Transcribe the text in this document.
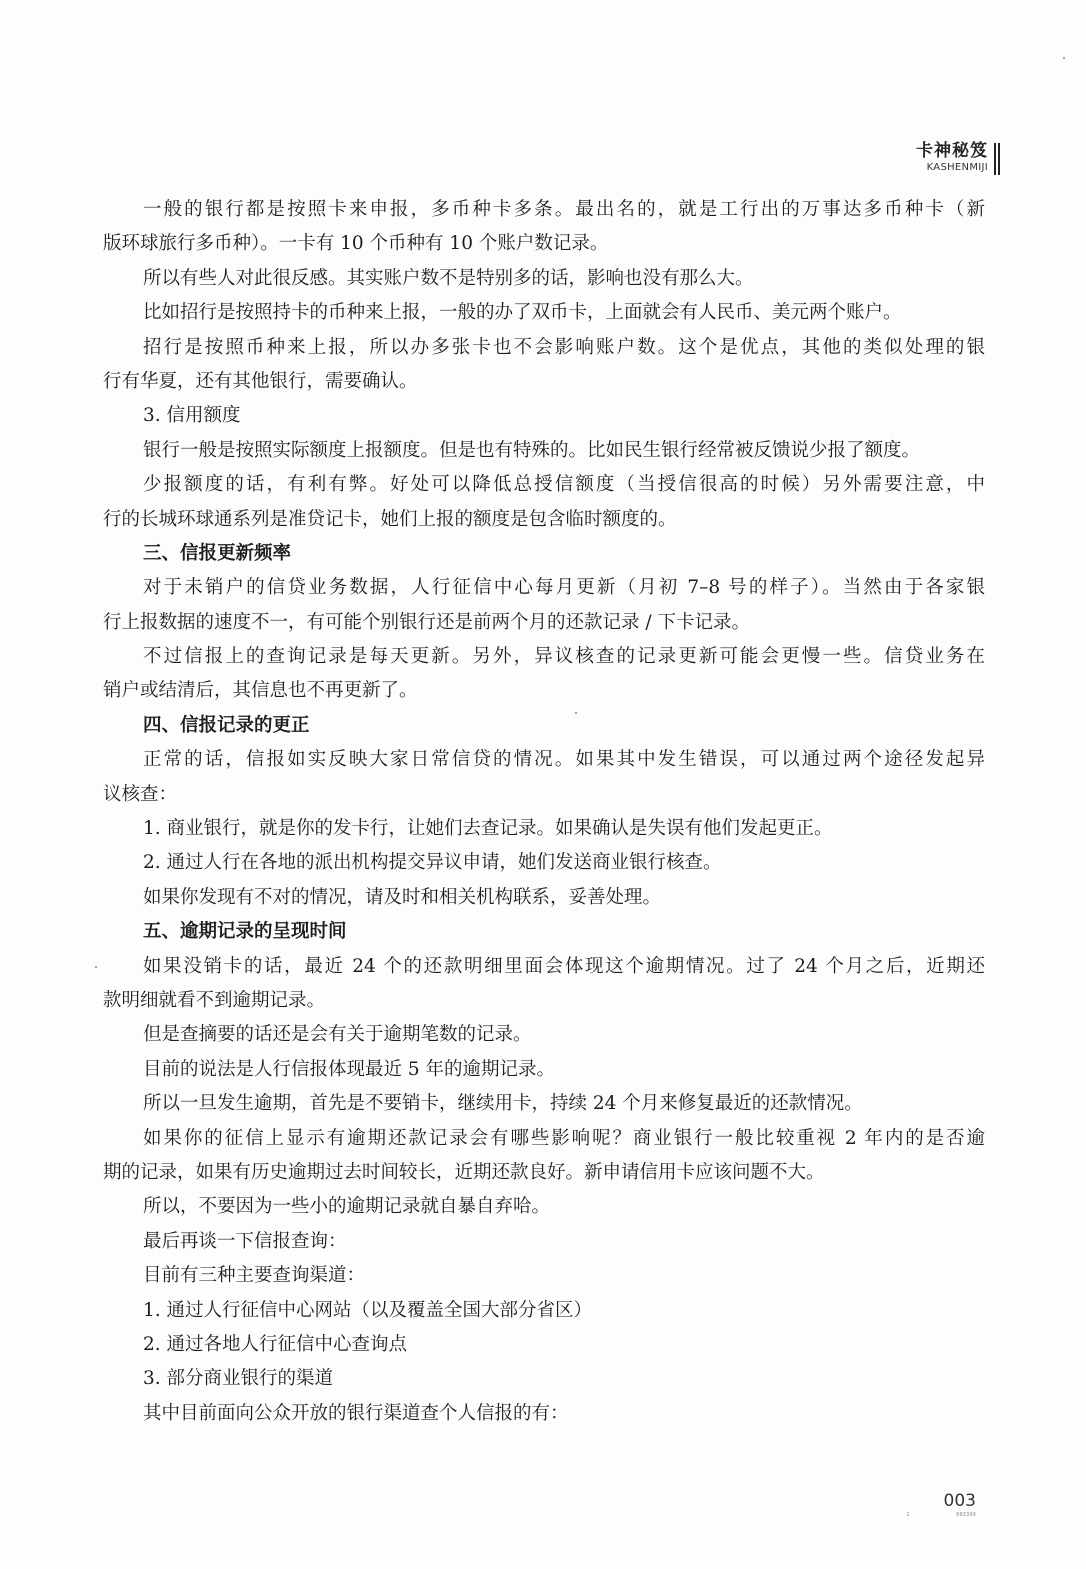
卡神秘笈
KASHENMIJI
一般的银行都是按照卡来申报，多币种卡多条。最出名的，就是工行出的万事达多币种卡（新
版环球旅行多币种）。一卡有 10 个币种有 10 个账户数记录。
所以有些人对此很反感。其实账户数不是特别多的话，影响也没有那么大。
比如招行是按照持卡的币种来上报，一般的办了双币卡，上面就会有人民币、美元两个账户。
招行是按照币种来上报，所以办多张卡也不会影响账户数。这个是优点，其他的类似处理的银
行有华夏，还有其他银行，需要确认。
3. 信用额度
银行一般是按照实际额度上报额度。但是也有特殊的。比如民生银行经常被反馈说少报了额度。
少报额度的话，有利有弊。好处可以降低总授信额度（当授信很高的时候）另外需要注意，中
行的长城环球通系列是准贷记卡，她们上报的额度是包含临时额度的。
三、信报更新频率
对于未销户的信贷业务数据，人行征信中心每月更新（月初 7–8 号的样子）。当然由于各家银
行上报数据的速度不一，有可能个别银行还是前两个月的还款记录 / 下卡记录。
不过信报上的查询记录是每天更新。另外，异议核查的记录更新可能会更慢一些。信贷业务在
销户或结清后，其信息也不再更新了。
四、信报记录的更正
正常的话，信报如实反映大家日常信贷的情况。如果其中发生错误，可以通过两个途径发起异
议核查：
1. 商业银行，就是你的发卡行，让她们去查记录。如果确认是失误有他们发起更正。
2. 通过人行在各地的派出机构提交异议申请，她们发送商业银行核查。
如果你发现有不对的情况，请及时和相关机构联系，妥善处理。
五、逾期记录的呈现时间
如果没销卡的话，最近 24 个的还款明细里面会体现这个逾期情况。过了 24 个月之后，近期还
款明细就看不到逾期记录。
但是查摘要的话还是会有关于逾期笔数的记录。
目前的说法是人行信报体现最近 5 年的逾期记录。
所以一旦发生逾期，首先是不要销卡，继续用卡，持续 24 个月来修复最近的还款情况。
如果你的征信上显示有逾期还款记录会有哪些影响呢？商业银行一般比较重视 2 年内的是否逾
期的记录，如果有历史逾期过去时间较长，近期还款良好。新申请信用卡应该问题不大。
所以，不要因为一些小的逾期记录就自暴自弃哈。
最后再谈一下信报查询：
目前有三种主要查询渠道：
1. 通过人行征信中心网站（以及覆盖全国大部分省区）
2. 通过各地人行征信中心查询点
3. 部分商业银行的渠道
其中目前面向公众开放的银行渠道查个人信报的有：
003
2              003399
